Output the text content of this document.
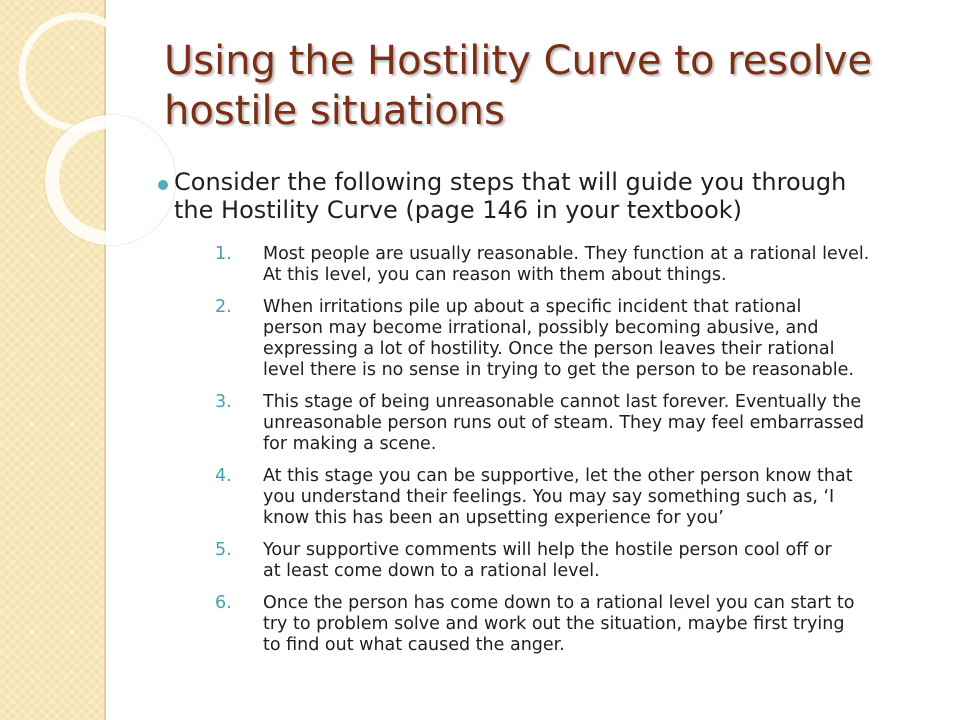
Using the Hostility Curve to resolve
hostile situations
Consider the following steps that will guide you through
the Hostility Curve (page 146 in your textbook)
1. Most people are usually reasonable. They function at a rational level.
At this level, you can reason with them about things.
2. When irritations pile up about a specific incident that rational
person may become irrational, possibly becoming abusive, and
expressing a lot of hostility. Once the person leaves their rational
level there is no sense in trying to get the person to be reasonable.
3. This stage of being unreasonable cannot last forever. Eventually the
unreasonable person runs out of steam. They may feel embarrassed
for making a scene.
4. At this stage you can be supportive, let the other person know that
you understand their feelings. You may say something such as, ‘I
know this has been an upsetting experience for you’
5. Your supportive comments will help the hostile person cool off or
at least come down to a rational level.
6. Once the person has come down to a rational level you can start to
try to problem solve and work out the situation, maybe first trying
to find out what caused the anger.
